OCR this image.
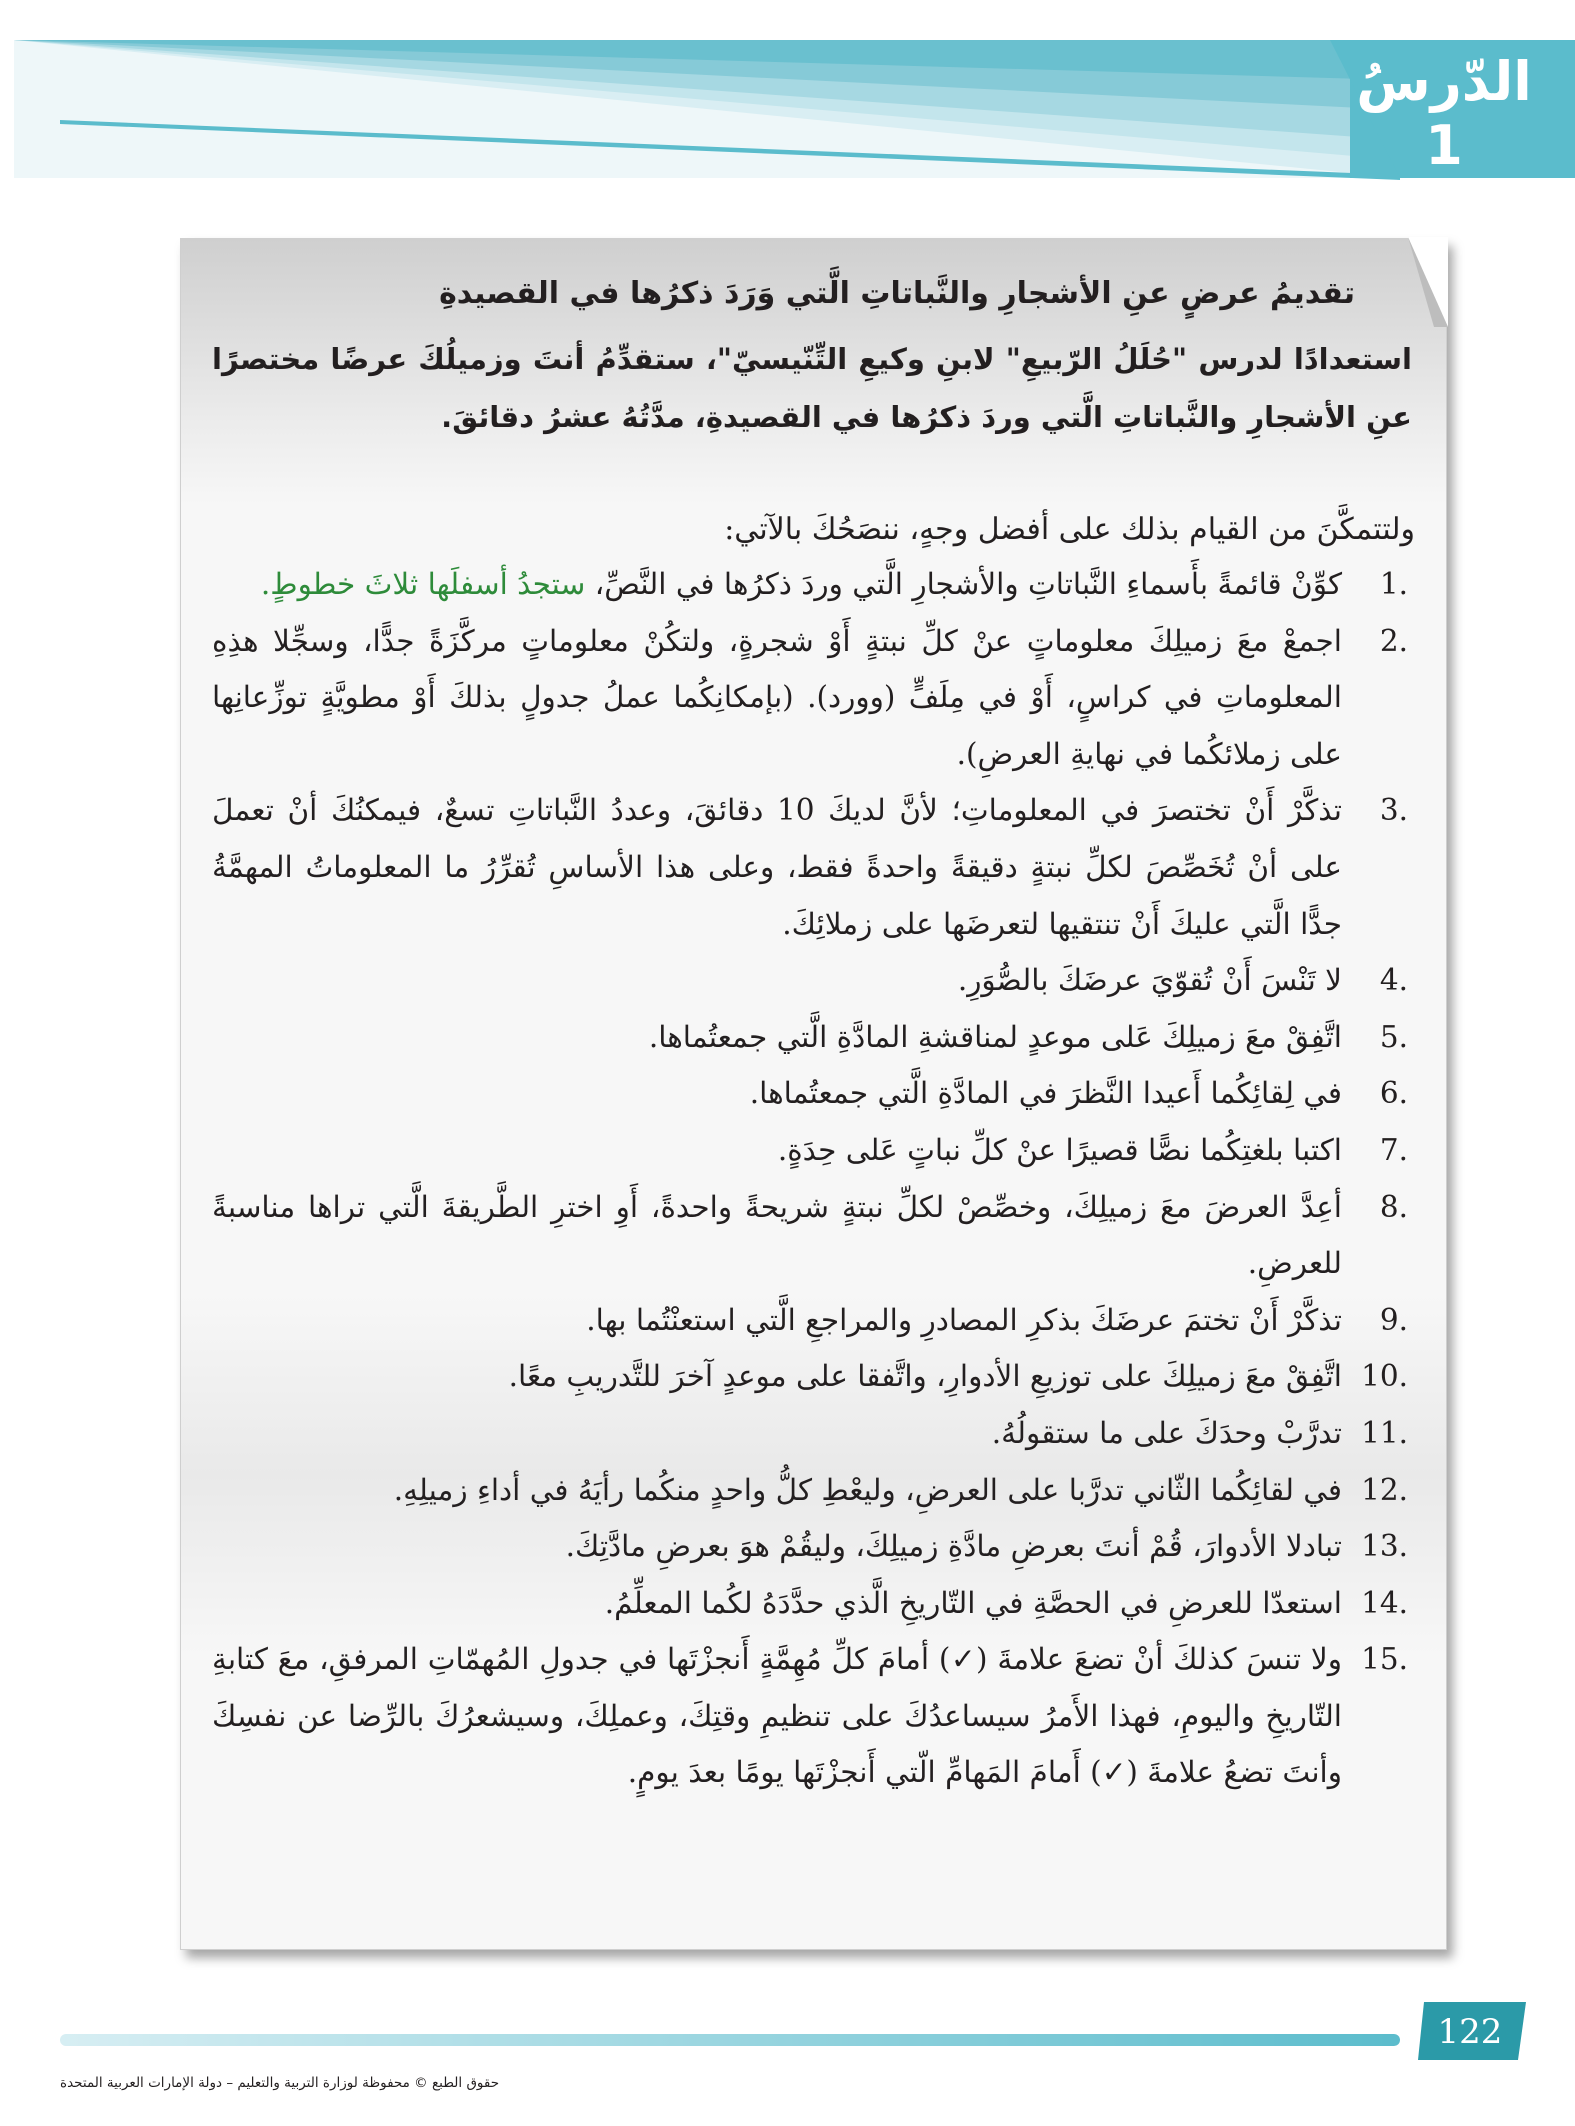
الدّرسُ
1
تقديمُ عرضٍ عنِ الأشجارِ والنَّباتاتِ الَّتي وَرَدَ ذكرُها في القصيدةِ
استعدادًا لدرس "حُلَلُ الرّبيعِ" لابنِ وكيعِ التِّنّيسيّ"، ستقدِّمُ أنتَ وزميلُكَ عرضًا مختصرًا عنِ الأشجارِ والنَّباتاتِ الَّتي وردَ ذكرُها في القصيدةِ، مدَّتُهُ عشرُ دقائقَ.
ولتتمكَّنَ من القيام بذلك على أفضل وجهٍ، ننصَحُكَ بالآتي:
1.
كوِّنْ قائمةً بأَسماءِ النَّباتاتِ والأشجارِ الَّتي وردَ ذكرُها في النَّصِّ، ستجدُ أسفلَها ثلاثَ خطوطٍ.
2.
اجمعْ معَ زميلِكَ معلوماتٍ عنْ كلِّ نبتةٍ أَوْ شجرةٍ، ولتكُنْ معلوماتٍ مركَّزَةً جدًّا، وسجِّلا هذِهِ المعلوماتِ في كراسٍ، أَوْ في مِلَفٍّ (وورد). (بإمكانِكُما عملُ جدولٍ بذلكَ أَوْ مطويَّةٍ توزِّعانِها على زملائكُما في نهايةِ العرضِ).
3.
تذكَّرْ أَنْ تختصرَ في المعلوماتِ؛ لأنَّ لديكَ 10 دقائقَ، وعددُ النَّباتاتِ تسعٌ، فيمكنُكَ أنْ تعملَ على أنْ تُخَصِّصَ لكلِّ نبتةٍ دقيقةً واحدةً فقط، وعلى هذا الأساسِ تُقرِّرُ ما المعلوماتُ المهمَّةُ جدًّا الَّتي عليكَ أَنْ تنتقيها لتعرضَها على زملائِكَ.
4.
لا تَنْسَ أَنْ تُقوّيَ عرضَكَ بالصُّوَرِ.
5.
اتَّفِقْ معَ زميلِكَ عَلى موعدٍ لمناقشةِ المادَّةِ الَّتي جمعتُماها.
6.
في لِقائِكُما أَعيدا النَّظرَ في المادَّةِ الَّتي جمعتُماها.
7.
اكتبا بلغتِكُما نصًّا قصيرًا عنْ كلِّ نباتٍ عَلى حِدَةٍ.
8.
أعِدَّ العرضَ معَ زميلِكَ، وخصِّصْ لكلِّ نبتةٍ شريحةً واحدةً، أَوِ اخترِ الطَّريقةَ الَّتي تراها مناسبةً للعرضِ.
9.
تذكَّرْ أَنْ تختمَ عرضَكَ بذكرِ المصادرِ والمراجعِ الَّتي استعنْتُما بها.
10.
اتَّفِقْ معَ زميلِكَ على توزيعِ الأدوارِ، واتَّفقا على موعدٍ آخرَ للتَّدريبِ معًا.
11.
تدرَّبْ وحدَكَ على ما ستقولُهُ.
12.
في لقائِكُما الثّاني تدرَّبا على العرضِ، وليعْطِ كلُّ واحدٍ منكُما رأيَهُ في أداءِ زميلِهِ.
13.
تبادلا الأدوارَ، قُمْ أنتَ بعرضِ مادَّةِ زميلِكَ، وليقُمْ هوَ بعرضِ مادَّتِكَ.
14.
استعدّا للعرضِ في الحصَّةِ في التّاريخِ الَّذي حدَّدَهُ لكُما المعلِّمُ.
15.
ولا تنسَ كذلكَ أنْ تضعَ علامةَ (✓) أمامَ كلِّ مُهِمَّةٍ أَنجزْتَها في جدولِ المُهمّاتِ المرفقِ، معَ كتابةِ التّاريخِ واليومِ، فهذا الأَمرُ سيساعدُكَ على تنظيمِ وقتِكَ، وعملِكَ، وسيشعرُكَ بالرِّضا عن نفسِكَ وأنتَ تضعُ علامةَ (✓) أَمامَ المَهامِّ الّتي أَنجزْتَها يومًا بعدَ يومٍ.
122
حقوق الطبع © محفوظة لوزارة التربية والتعليم – دولة الإمارات العربية المتحدة
